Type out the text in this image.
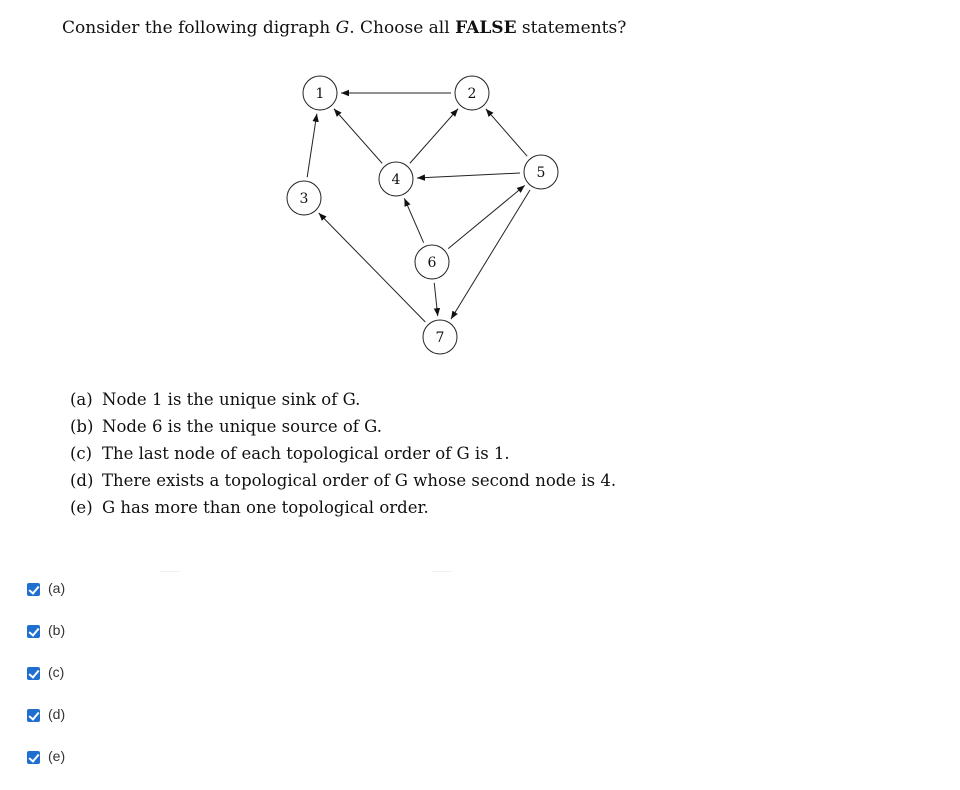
Consider the following digraph G. Choose all FALSE statements?
1	2
3
4	5
6
7
(a) Node 1 is the unique sink of G.
(b) Node 6 is the unique source of G.
(c) The last node of each topological order of G is 1.
(d) There exists a topological order of G whose second node is 4.
(e) G has more than one topological order.
(a)
(b)
(c)
(d)
(e)
